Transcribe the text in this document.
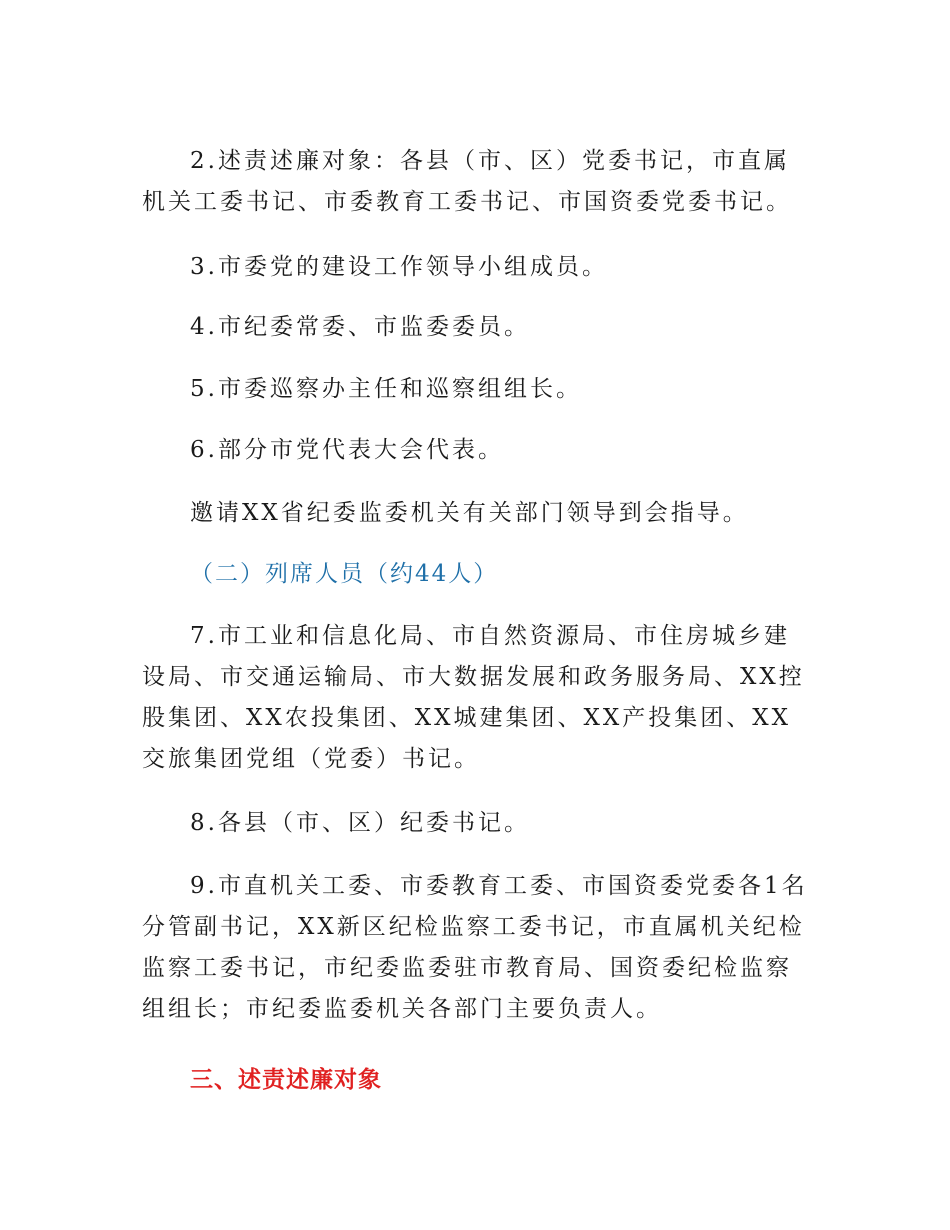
2.述责述廉对象：各县（市、区）党委书记，市直属机关工委书记、市委教育工委书记、市国资委党委书记。

3.市委党的建设工作领导小组成员。

4.市纪委常委、市监委委员。

5.市委巡察办主任和巡察组组长。

6.部分市党代表大会代表。

邀请XX省纪委监委机关有关部门领导到会指导。

（二）列席人员（约44人）

7.市工业和信息化局、市自然资源局、市住房城乡建设局、市交通运输局、市大数据发展和政务服务局、XX控股集团、XX农投集团、XX城建集团、XX产投集团、XX交旅集团党组（党委）书记。

8.各县（市、区）纪委书记。

9.市直机关工委、市委教育工委、市国资委党委各1名分管副书记，XX新区纪检监察工委书记，市直属机关纪检监察工委书记，市纪委监委驻市教育局、国资委纪检监察组组长；市纪委监委机关各部门主要负责人。

三、述责述廉对象
